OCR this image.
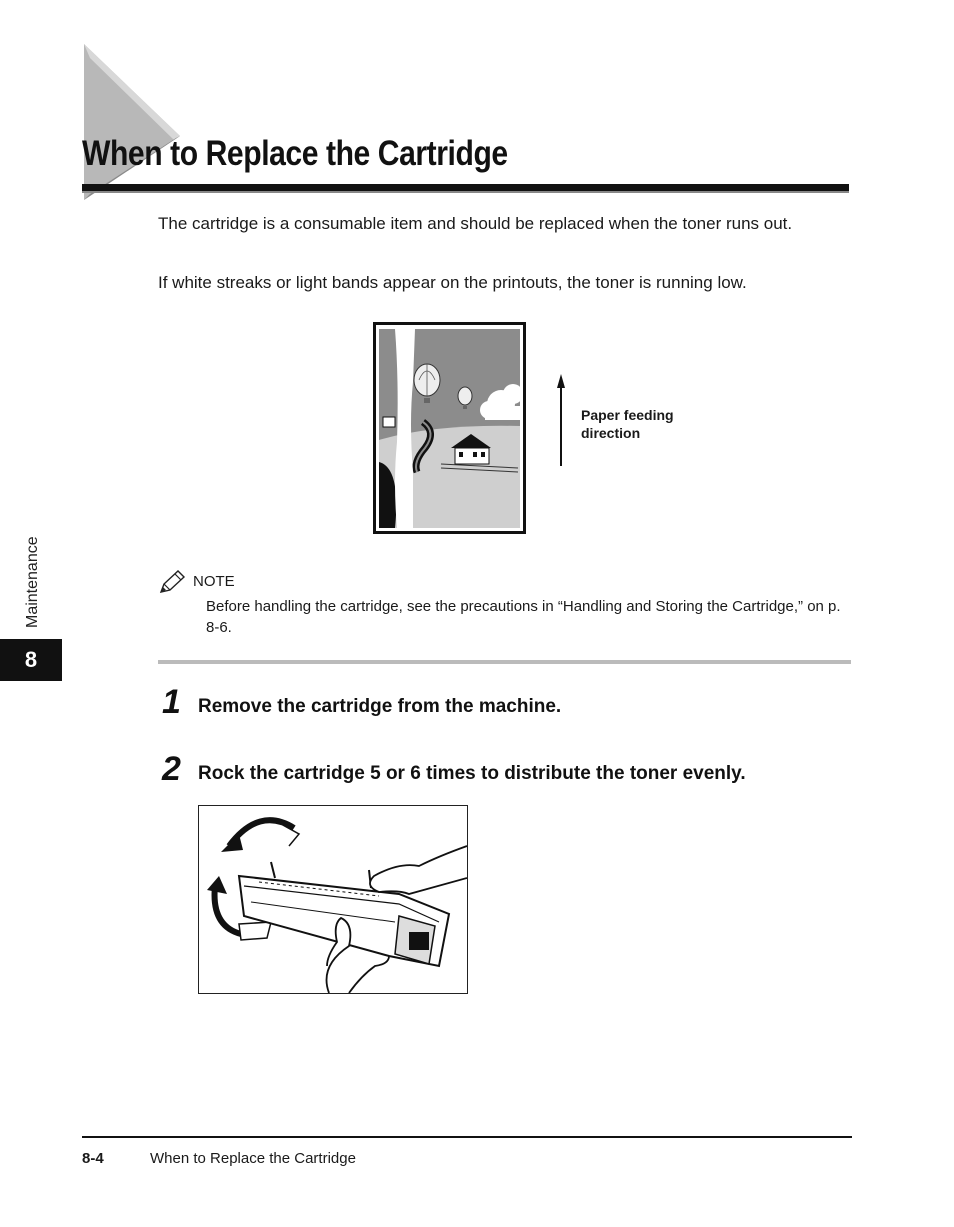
When to Replace the Cartridge

The cartridge is a consumable item and should be replaced when the toner runs out.

If white streaks or light bands appear on the printouts, the toner is running low.

Paper feeding
direction
NOTE
Before handling the cartridge, see the precautions in “Handling and Storing the Cartridge,” on p. 8-6.
1 Remove the cartridge from the machine.
2 Rock the cartridge 5 or 6 times to distribute the toner evenly.
Maintenance
8
8-4	When to Replace the Cartridge
